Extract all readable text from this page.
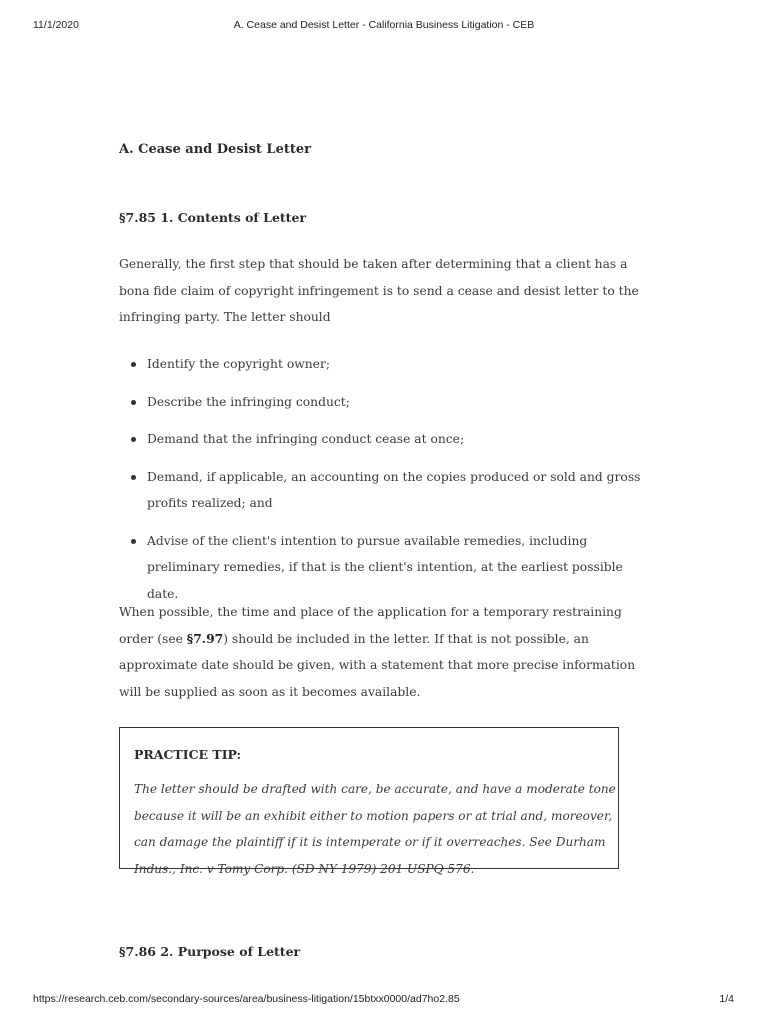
11/1/2020	A. Cease and Desist Letter - California Business Litigation - CEB
A. Cease and Desist Letter
§7.85 1. Contents of Letter

Generally, the first step that should be taken after determining that a client has a bona fide claim of copyright infringement is to send a cease and desist letter to the infringing party. The letter should

Identify the copyright owner;
Describe the infringing conduct;
Demand that the infringing conduct cease at once;
Demand, if applicable, an accounting on the copies produced or sold and gross profits realized; and
Advise of the client's intention to pursue available remedies, including preliminary remedies, if that is the client's intention, at the earliest possible date.

When possible, the time and place of the application for a temporary restraining order (see §7.97) should be included in the letter. If that is not possible, an approximate date should be given, with a statement that more precise information will be supplied as soon as it becomes available.

PRACTICE TIP:

The letter should be drafted with care, be accurate, and have a moderate tone because it will be an exhibit either to motion papers or at trial and, moreover, can damage the plaintiff if it is intemperate or if it overreaches. See Durham Indus., Inc. v Tomy Corp. (SD NY 1979) 201 USPQ 576.

§7.86 2. Purpose of Letter
https://research.ceb.com/secondary-sources/area/business-litigation/15btxx0000/ad7ho2.85	1/4
